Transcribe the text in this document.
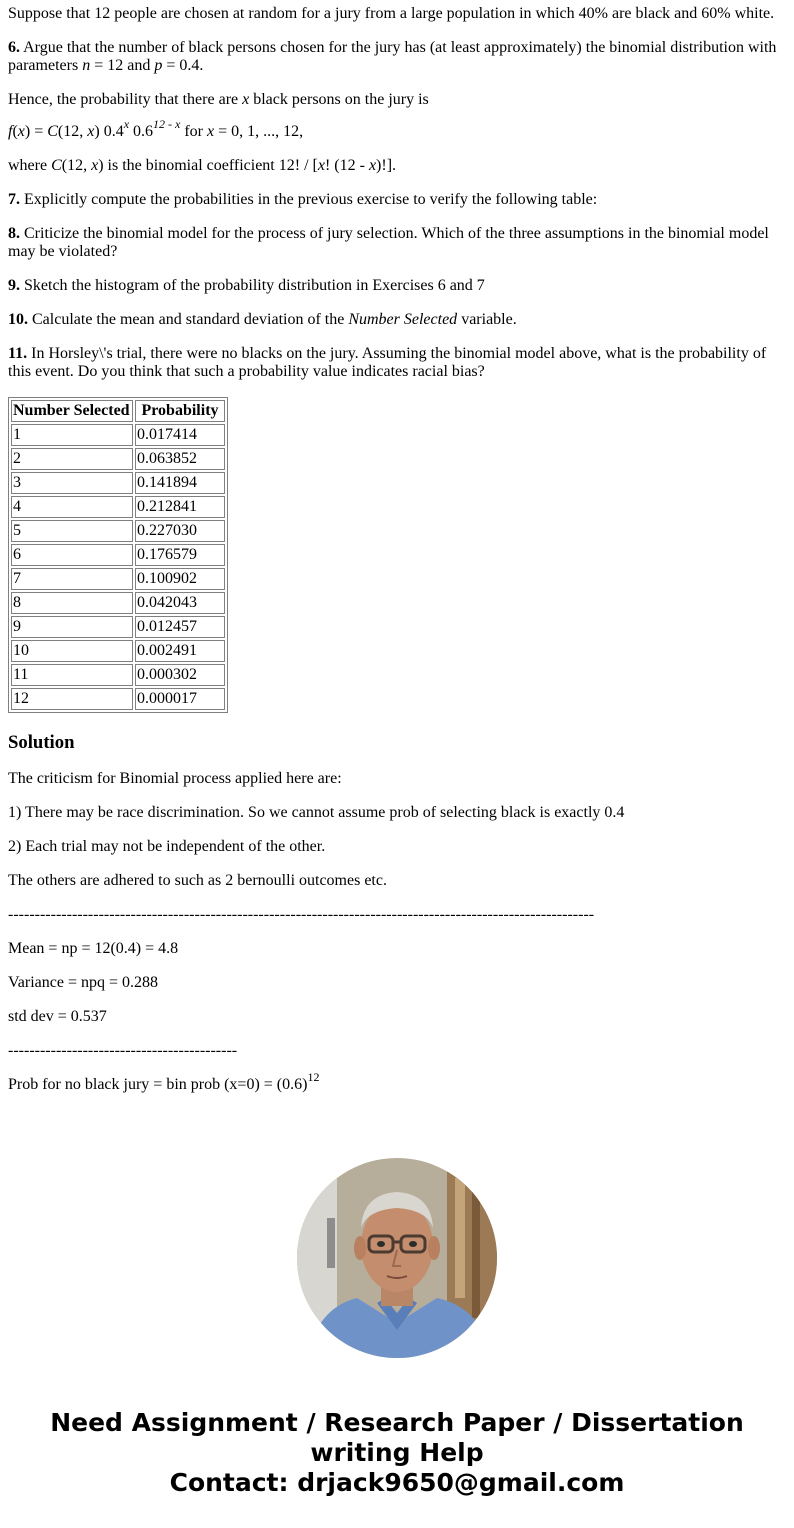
Suppose that 12 people are chosen at random for a jury from a large population in which 40% are black and 60% white.

6. Argue that the number of black persons chosen for the jury has (at least approximately) the binomial distribution with parameters n = 12 and p = 0.4.

Hence, the probability that there are x black persons on the jury is

f(x) = C(12, x) 0.4$^x$ 0.6$^{12 - x}$ for x = 0, 1, ..., 12,

where C(12, x) is the binomial coefficient 12! / [x! (12 - x)!].

7. Explicitly compute the probabilities in the previous exercise to verify the following table:

8. Criticize the binomial model for the process of jury selection. Which of the three assumptions in the binomial model may be violated?

9. Sketch the histogram of the probability distribution in Exercises 6 and 7

10. Calculate the mean and standard deviation of the Number Selected variable.

11. In Horsley\'s trial, there were no blacks on the jury. Assuming the binomial model above, what is the probability of this event. Do you think that such a probability value indicates racial bias?

Number Selected	Probability
1	0.017414
2	0.063852
3	0.141894
4	0.212841
5	0.227030
6	0.176579
7	0.100902
8	0.042043
9	0.012457
10	0.002491
11	0.000302
12	0.000017
Solution

The criticism for Binomial process applied here are:

1) There may be race discrimination. So we cannot assume prob of selecting black is exactly 0.4

2) Each trial may not be independent of the other.

The others are adhered to such as 2 bernoulli outcomes etc.

--------------------------------------------------------------------------------------------------------------

Mean = np = 12(0.4) = 4.8

Variance = npq = 0.288

std dev = 0.537

-------------------------------------------

Prob for no black jury = bin prob $(x=0) = (0.6)^{12}$

Need Assignment / Research Paper / Dissertation
writing Help
Contact: drjack9650@gmail.com
